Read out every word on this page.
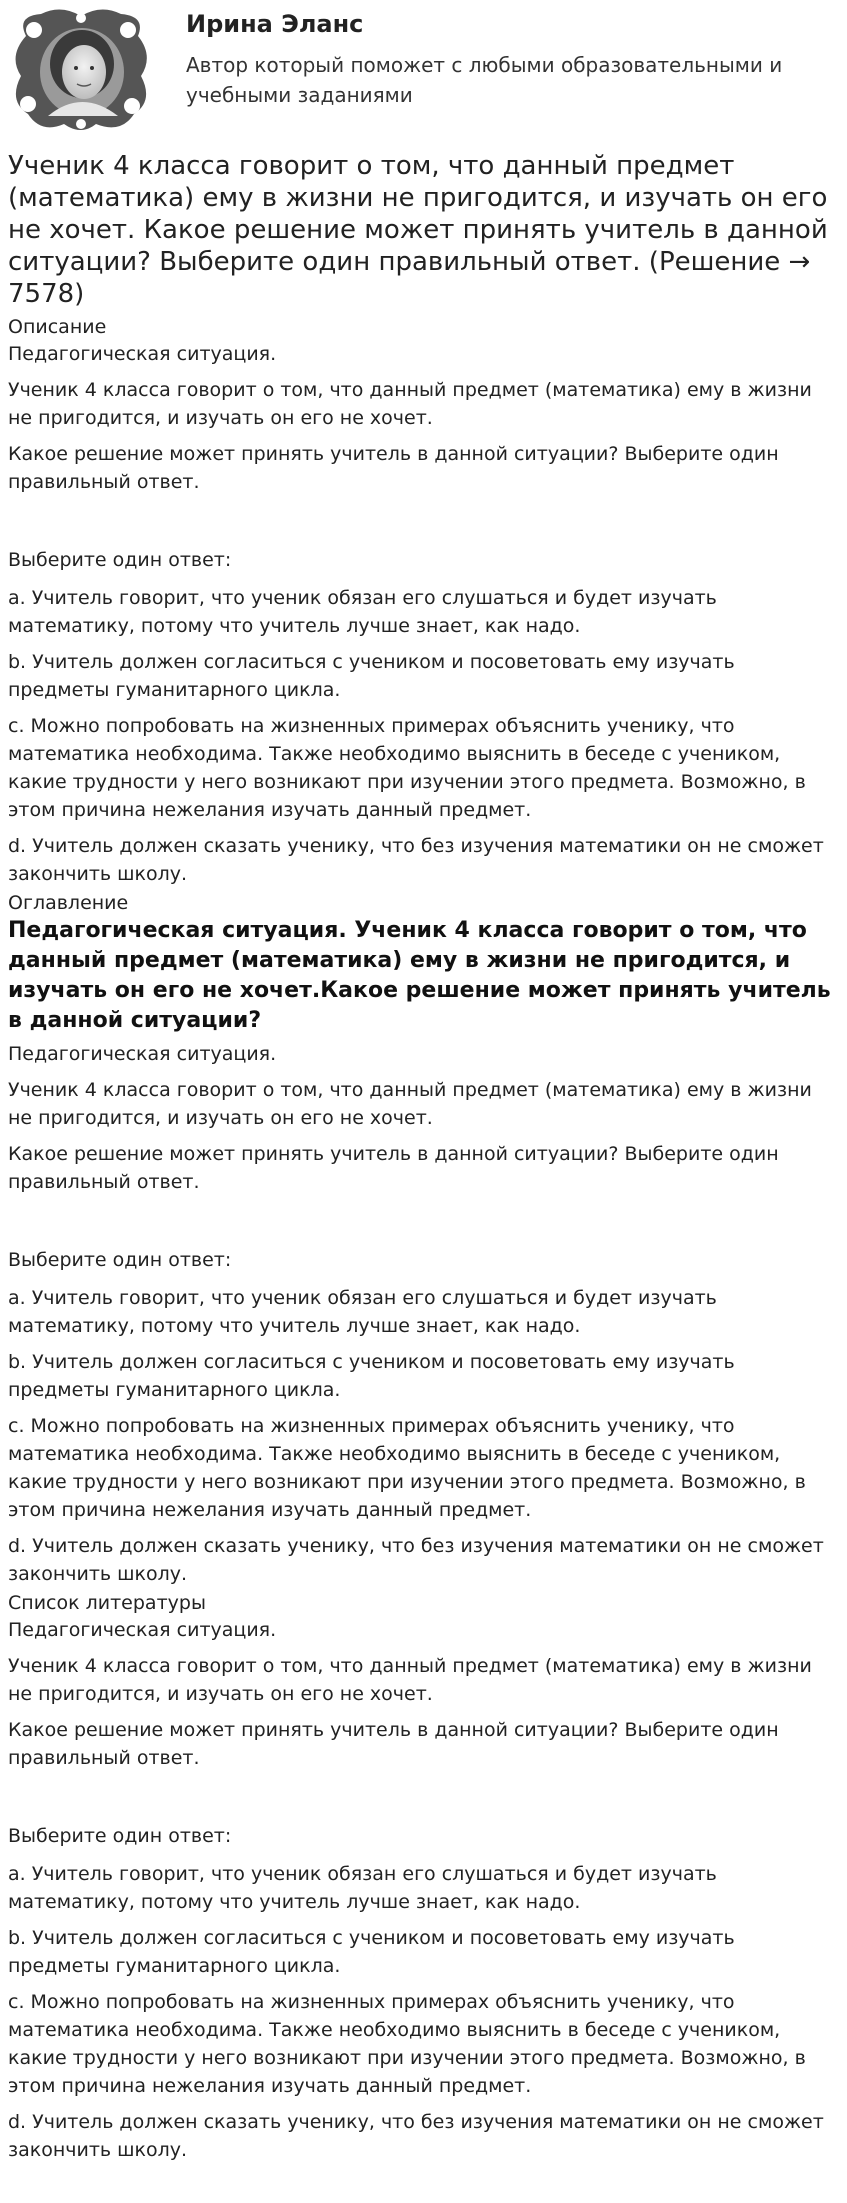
Ирина Эланс

Автор который поможет с любыми образовательными и учебными заданиями

Ученик 4 класса говорит о том, что данный предмет (математика) ему в жизни не пригодится, и изучать он его не хочет. Какое решение может принять учитель в данной ситуации? Выберите один правильный ответ. (Решение → 7578)

Описание

Педагогическая ситуация.

Ученик 4 класса говорит о том, что данный предмет (математика) ему в жизни не пригодится, и изучать он его не хочет.

Какое решение может принять учитель в данной ситуации? Выберите один правильный ответ.

Выберите один ответ:

a. Учитель говорит, что ученик обязан его слушаться и будет изучать математику, потому что учитель лучше знает, как надо.

b. Учитель должен согласиться с учеником и посоветовать ему изучать предметы гуманитарного цикла.

c. Можно попробовать на жизненных примерах объяснить ученику, что математика необходима. Также необходимо выяснить в беседе с учеником, какие трудности у него возникают при изучении этого предмета. Возможно, в этом причина нежелания изучать данный предмет.

d. Учитель должен сказать ученику, что без изучения математики он не сможет закончить школу.

Оглавление

Педагогическая ситуация. Ученик 4 класса говорит о том, что данный предмет (математика) ему в жизни не пригодится, и изучать он его не хочет.Какое решение может принять учитель в данной ситуации?

Педагогическая ситуация.

Ученик 4 класса говорит о том, что данный предмет (математика) ему в жизни не пригодится, и изучать он его не хочет.

Какое решение может принять учитель в данной ситуации? Выберите один правильный ответ.

Выберите один ответ:

a. Учитель говорит, что ученик обязан его слушаться и будет изучать математику, потому что учитель лучше знает, как надо.

b. Учитель должен согласиться с учеником и посоветовать ему изучать предметы гуманитарного цикла.

c. Можно попробовать на жизненных примерах объяснить ученику, что математика необходима. Также необходимо выяснить в беседе с учеником, какие трудности у него возникают при изучении этого предмета. Возможно, в этом причина нежелания изучать данный предмет.

d. Учитель должен сказать ученику, что без изучения математики он не сможет закончить школу.

Список литературы

Педагогическая ситуация.

Ученик 4 класса говорит о том, что данный предмет (математика) ему в жизни не пригодится, и изучать он его не хочет.

Какое решение может принять учитель в данной ситуации? Выберите один правильный ответ.

Выберите один ответ:

a. Учитель говорит, что ученик обязан его слушаться и будет изучать математику, потому что учитель лучше знает, как надо.

b. Учитель должен согласиться с учеником и посоветовать ему изучать предметы гуманитарного цикла.

c. Можно попробовать на жизненных примерах объяснить ученику, что математика необходима. Также необходимо выяснить в беседе с учеником, какие трудности у него возникают при изучении этого предмета. Возможно, в этом причина нежелания изучать данный предмет.

d. Учитель должен сказать ученику, что без изучения математики он не сможет закончить школу.
